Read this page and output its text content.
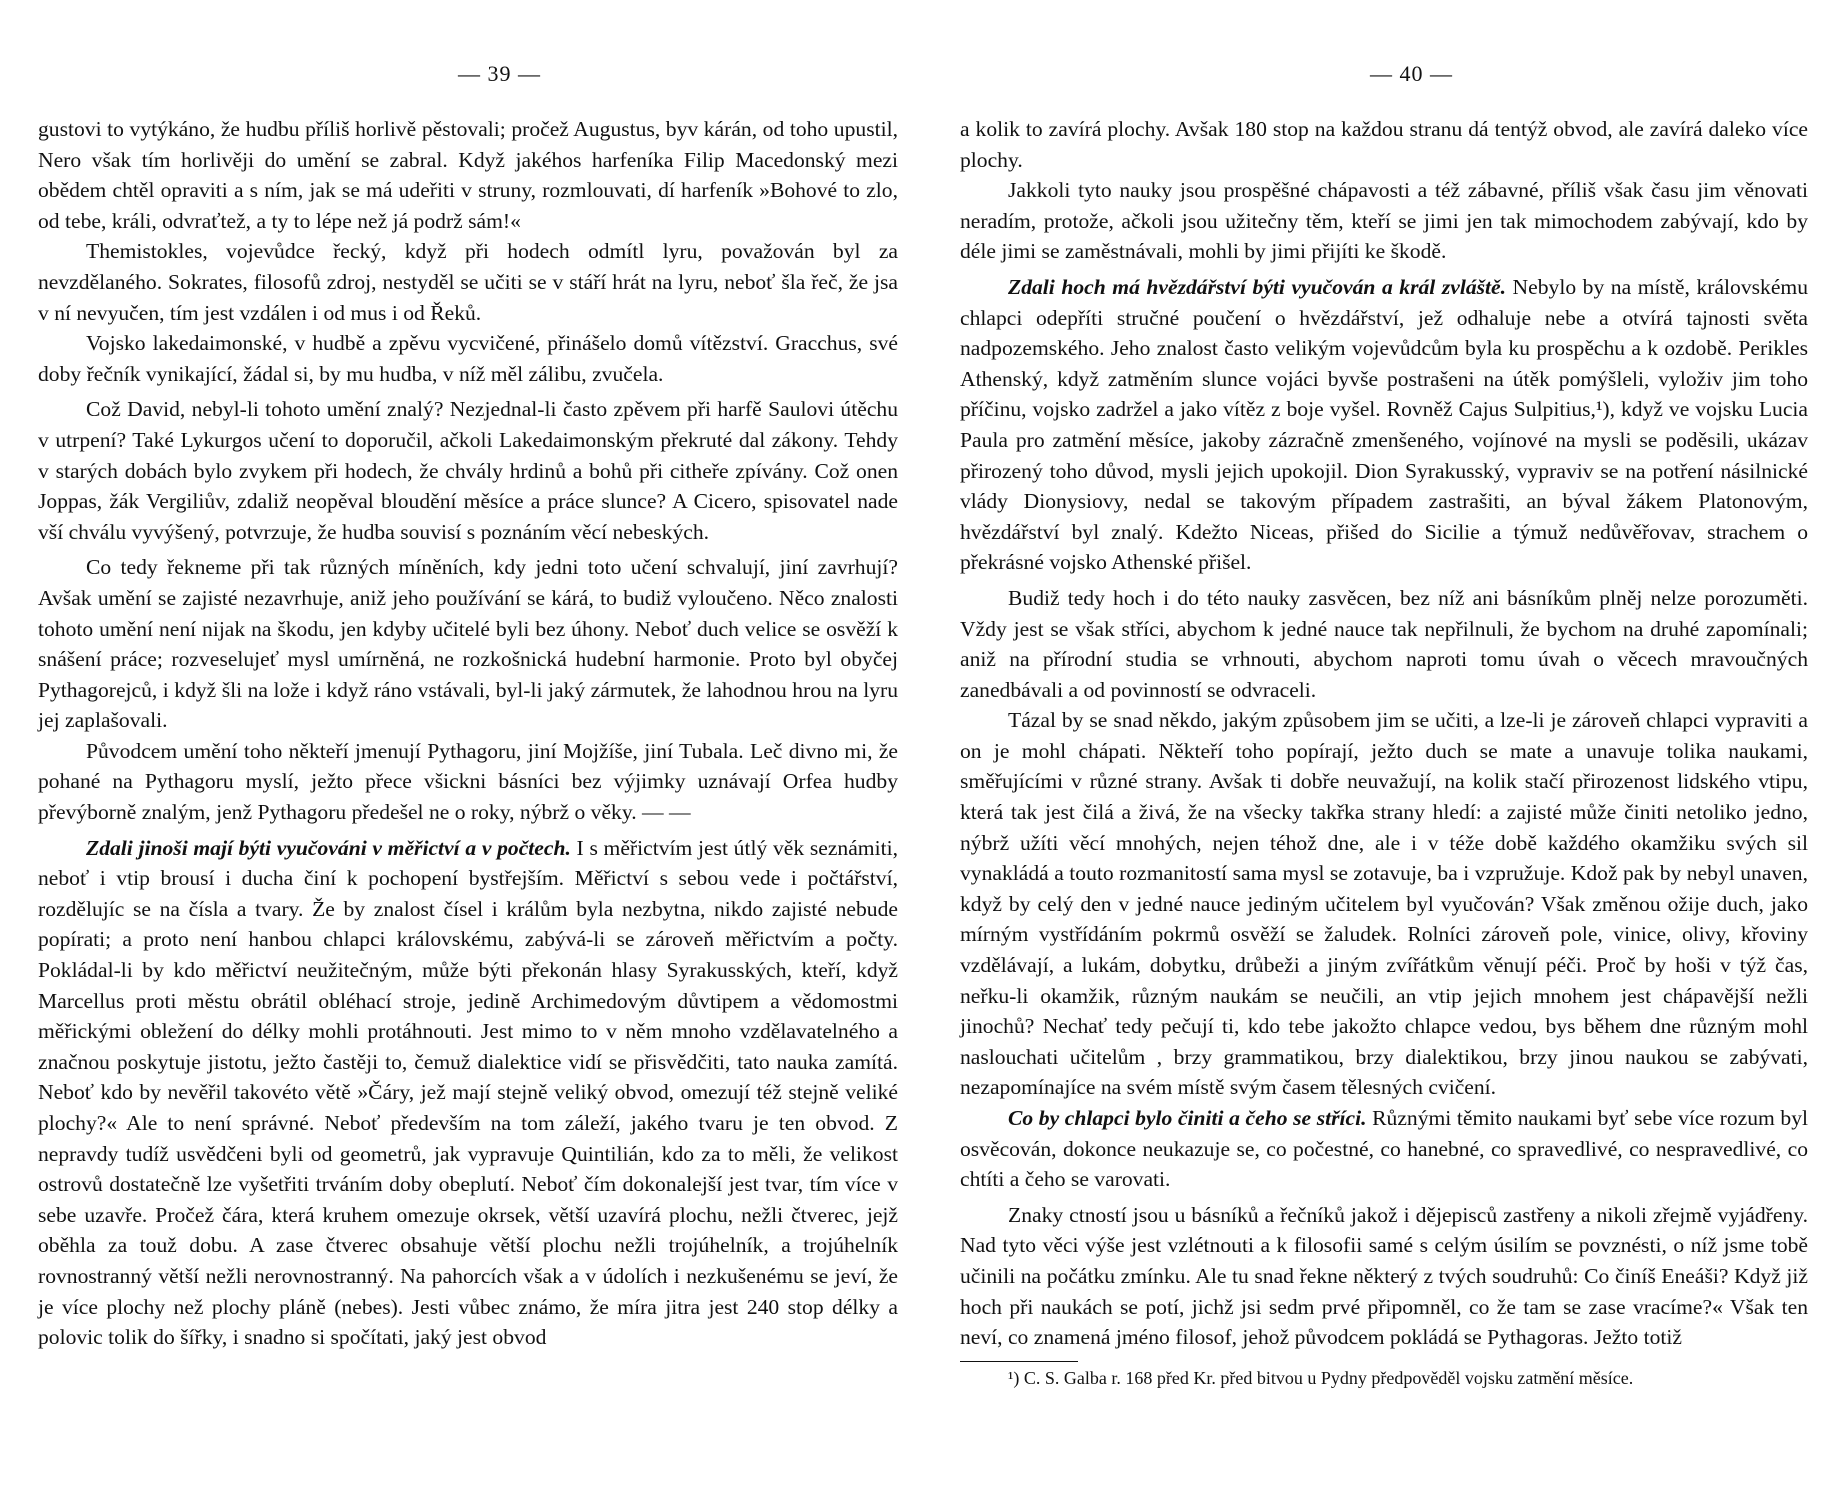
— 39 —

gustovi to vytýkáno, že hudbu příliš horlivě pěstovali; pročež Augustus, byv kárán, od toho upustil, Nero však tím horlivěji do umění se zabral. Když jakéhos harfeníka Filip Macedonský mezi obědem chtěl opraviti a s ním, jak se má udeřiti v struny, rozmlouvati, dí harfeník »Bohové to zlo, od tebe, králi, odvraťtež, a ty to lépe než já podrž sám!«

Themistokles, vojevůdce řecký, když při hodech odmítl lyru, považován byl za nevzdělaného. Sokrates, filosofů zdroj, nestyděl se učiti se v stáří hrát na lyru, neboť šla řeč, že jsa v ní nevyučen, tím jest vzdálen i od mus i od Řeků.

Vojsko lakedaimonské, v hudbě a zpěvu vycvičené, přinášelo domů vítězství. Gracchus, své doby řečník vynikající, žádal si, by mu hudba, v níž měl zálibu, zvučela.

Což David, nebyl-li tohoto umění znalý? Nezjednal-li často zpěvem při harfě Saulovi útěchu v utrpení? Také Lykurgos učení to doporučil, ačkoli Lakedaimonským překruté dal zákony. Tehdy v starých dobách bylo zvykem při hodech, že chvály hrdinů a bohů při citheře zpívány. Což onen Joppas, žák Vergiliův, zdaliž neopěval bloudění měsíce a práce slunce? A Cicero, spisovatel nade vší chválu vyvýšený, potvrzuje, že hudba souvisí s poznáním věcí nebeských.

Co tedy řekneme při tak různých míněních, kdy jedni toto učení schvalují, jiní zavrhují? Avšak umění se zajisté nezavrhuje, aniž jeho používání se kárá, to budiž vyloučeno. Něco znalosti tohoto umění není nijak na škodu, jen kdyby učitelé byli bez úhony. Neboť duch velice se osvěží k snášení práce; rozveselujeť mysl umírněná, ne rozkošnická hudební harmonie. Proto byl obyčej Pythagorejců, i když šli na lože i když ráno vstávali, byl-li jaký zármutek, že lahodnou hrou na lyru jej zaplašovali.

Původcem umění toho někteří jmenují Pythagoru, jiní Mojžíše, jiní Tubala. Leč divno mi, že pohané na Pythagoru myslí, ježto přece všickni básníci bez výjimky uznávají Orfea hudby převýborně znalým, jenž Pythagoru předešel ne o roky, nýbrž o věky. — —

Zdali jinoši mají býti vyučováni v měřictví a v počtech. I s měřictvím jest útlý věk seznámiti, neboť i vtip brousí i ducha činí k pochopení bystřejším. Měřictví s sebou vede i počtářství, rozdělujíc se na čísla a tvary. Že by znalost čísel i králům byla nezbytna, nikdo zajisté nebude popírati; a proto není hanbou chlapci královskému, zabývá-li se zároveň měřictvím a počty. Pokládal-li by kdo měřictví neužitečným, může býti překonán hlasy Syrakusských, kteří, když Marcellus proti městu obrátil obléhací stroje, jedině Archimedovým důvtipem a vědomostmi měřickými obležení do délky mohli protáhnouti. Jest mimo to v něm mnoho vzdělavatelného a značnou poskytuje jistotu, ježto častěji to, čemuž dialektice vidí se přisvědčiti, tato nauka zamítá. Neboť kdo by nevěřil takovéto větě »Čáry, jež mají stejně veliký obvod, omezují též stejně veliké plochy?« Ale to není správné. Neboť především na tom záleží, jakého tvaru je ten obvod. Z nepravdy tudíž usvědčeni byli od geometrů, jak vypravuje Quintilián, kdo za to měli, že velikost ostrovů dostatečně lze vyšetřiti trváním doby obeplutí. Neboť čím dokonalejší jest tvar, tím více v sebe uzavře. Pročež čára, která kruhem omezuje okrsek, větší uzavírá plochu, nežli čtverec, jejž oběhla za touž dobu. A zase čtverec obsahuje větší plochu nežli trojúhelník, a trojúhelník rovnostranný větší nežli nerovnostranný. Na pahorcích však a v údolích i nezkušenému se jeví, že je více plochy než plochy pláně (nebes). Jesti vůbec známo, že míra jitra jest 240 stop délky a polovic tolik do šířky, i snadno si spočítati, jaký jest obvod

— 40 —

a kolik to zavírá plochy. Avšak 180 stop na každou stranu dá tentýž obvod, ale zavírá daleko více plochy.

Jakkoli tyto nauky jsou prospěšné chápavosti a též zábavné, příliš však času jim věnovati neradím, protože, ačkoli jsou užitečny těm, kteří se jimi jen tak mimochodem zabývají, kdo by déle jimi se zaměstnávali, mohli by jimi přijíti ke škodě.

Zdali hoch má hvězdářství býti vyučován a král zvláště. Nebylo by na místě, královskému chlapci odepříti stručné poučení o hvězdářství, jež odhaluje nebe a otvírá tajnosti světa nadpozemského. Jeho znalost často velikým vojevůdcům byla ku prospěchu a k ozdobě. Perikles Athenský, když zatměním slunce vojáci byvše postrašeni na útěk pomýšleli, vyloživ jim toho příčinu, vojsko zadržel a jako vítěz z boje vyšel. Rovněž Cajus Sulpitius,¹), když ve vojsku Lucia Paula pro zatmění měsíce, jakoby zázračně zmenšeného, vojínové na mysli se poděsili, ukázav přirozený toho důvod, mysli jejich upokojil. Dion Syrakusský, vypraviv se na potření násilnické vlády Dionysiovy, nedal se takovým případem zastrašiti, an býval žákem Platonovým, hvězdářství byl znalý. Kdežto Niceas, přišed do Sicilie a týmuž nedůvěřovav, strachem o překrásné vojsko Athenské přišel.

Budiž tedy hoch i do této nauky zasvěcen, bez níž ani básníkům plněj nelze porozuměti. Vždy jest se však stříci, abychom k jedné nauce tak nepřilnuli, že bychom na druhé zapomínali; aniž na přírodní studia se vrhnouti, abychom naproti tomu úvah o věcech mravoučných zanedbávali a od povinností se odvraceli.

Tázal by se snad někdo, jakým způsobem jim se učiti, a lze-li je zároveň chlapci vypraviti a on je mohl chápati. Někteří toho popírají, ježto duch se mate a unavuje tolika naukami, směřujícími v různé strany. Avšak ti dobře neuvažují, na kolik stačí přirozenost lidského vtipu, která tak jest čilá a živá, že na všecky takřka strany hledí: a zajisté může činiti netoliko jedno, nýbrž užíti věcí mnohých, nejen téhož dne, ale i v téže době každého okamžiku svých sil vynakládá a touto rozmanitostí sama mysl se zotavuje, ba i vzpružuje. Kdož pak by nebyl unaven, když by celý den v jedné nauce jediným učitelem byl vyučován? Však změnou ožije duch, jako mírným vystřídáním pokrmů osvěží se žaludek. Rolníci zároveň pole, vinice, olivy, křoviny vzdělávají, a lukám, dobytku, drůbeži a jiným zvířátkům věnují péči. Proč by hoši v týž čas, neřku-li okamžik, různým naukám se neučili, an vtip jejich mnohem jest chápavější nežli jinochů? Nechať tedy pečují ti, kdo tebe jakožto chlapce vedou, bys během dne různým mohl naslouchati učitelům , brzy grammatikou, brzy dialektikou, brzy jinou naukou se zabývati, nezapomínajíce na svém místě svým časem tělesných cvičení.

Co by chlapci bylo činiti a čeho se stříci. Různými těmito naukami byť sebe více rozum byl osvěcován, dokonce neukazuje se, co počestné, co hanebné, co spravedlivé, co nespravedlivé, co chtíti a čeho se varovati.

Znaky ctností jsou u básníků a řečníků jakož i dějepisců zastřeny a nikoli zřejmě vyjádřeny. Nad tyto věci výše jest vzlétnouti a k filosofii samé s celým úsilím se povznésti, o níž jsme tobě učinili na počátku zmínku. Ale tu snad řekne některý z tvých soudruhů: Co činíš Eneáši? Když již hoch při naukách se potí, jichž jsi sedm prvé připomněl, co že tam se zase vracíme?« Však ten neví, co znamená jméno filosof, jehož původcem pokládá se Pythagoras. Ježto totiž

¹) C. S. Galba r. 168 před Kr. před bitvou u Pydny předpověděl vojsku zatmění měsíce.
